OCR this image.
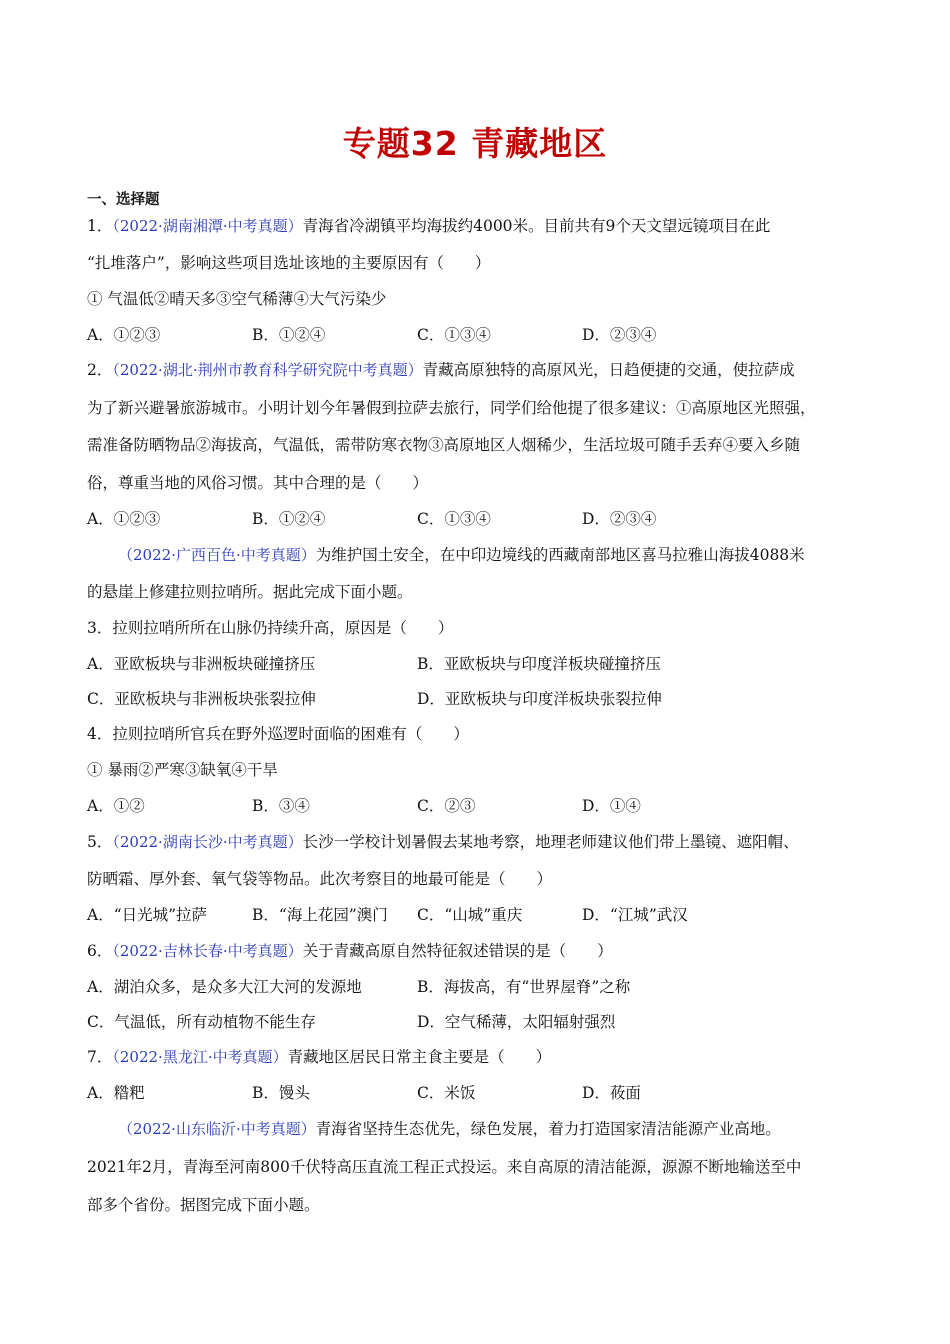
专题32 青藏地区
一、选择题
1．（2022·湖南湘潭·中考真题）青海省冷湖镇平均海拔约4000米。目前共有9个天文望远镜项目在此
“扎堆落户”，影响这些项目选址该地的主要原因有（　　）
① 气温低②晴天多③空气稀薄④大气污染少
A．①②③	B．①②④	C．①③④	D．②③④
2．（2022·湖北·荆州市教育科学研究院中考真题）青藏高原独特的高原风光，日趋便捷的交通，使拉萨成
为了新兴避暑旅游城市。小明计划今年暑假到拉萨去旅行，同学们给他提了很多建议：①高原地区光照强，
需准备防晒物品②海拔高，气温低，需带防寒衣物③高原地区人烟稀少，生活垃圾可随手丢弃④要入乡随
俗，尊重当地的风俗习惯。其中合理的是（　　）
A．①②③	B．①②④	C．①③④	D．②③④
（2022·广西百色·中考真题）为维护国土安全，在中印边境线的西藏南部地区喜马拉雅山海拔4088米
的悬崖上修建拉则拉哨所。据此完成下面小题。
3．拉则拉哨所所在山脉仍持续升高，原因是（　　）
A．亚欧板块与非洲板块碰撞挤压	B．亚欧板块与印度洋板块碰撞挤压
C．亚欧板块与非洲板块张裂拉伸	D．亚欧板块与印度洋板块张裂拉伸
4．拉则拉哨所官兵在野外巡逻时面临的困难有（　　）
① 暴雨②严寒③缺氧④干旱
A．①②	B．③④	C．②③	D．①④
5．（2022·湖南长沙·中考真题）长沙一学校计划暑假去某地考察，地理老师建议他们带上墨镜、遮阳帽、
防晒霜、厚外套、氧气袋等物品。此次考察目的地最可能是（　　）
A．“日光城”拉萨	B．“海上花园”澳门 C．“山城”重庆	D．“江城”武汉
6．（2022·吉林长春·中考真题）关于青藏高原自然特征叙述错误的是（　　）
A．湖泊众多，是众多大江大河的发源地	B．海拔高，有“世界屋脊”之称
C．气温低，所有动植物不能生存	D．空气稀薄，太阳辐射强烈
7．（2022·黑龙江·中考真题）青藏地区居民日常主食主要是（　　）
A．糌粑	B．馒头	C．米饭	D．莜面
（2022·山东临沂·中考真题）青海省坚持生态优先，绿色发展，着力打造国家清洁能源产业高地。
2021年2月，青海至河南800千伏特高压直流工程正式投运。来自高原的清洁能源，源源不断地输送至中
部多个省份。据图完成下面小题。
